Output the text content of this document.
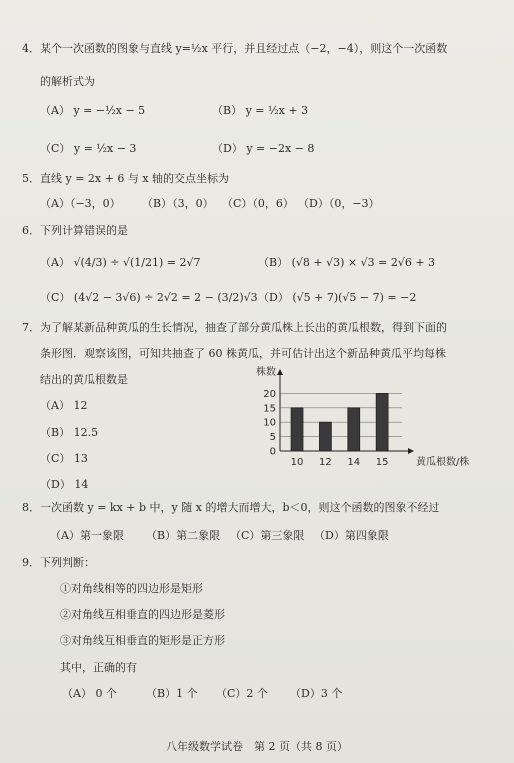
4．某个一次函数的图象与直线 y=½x 平行，并且经过点（−2，−4），则这个一次函数
的解析式为
（A） y = −½x − 5	（B） y = ½x + 3
（C） y = ½x − 3	（D） y = −2x − 8
5．直线 y = 2x + 6 与 x 轴的交点坐标为
（A）（−3，0） （B）（3，0） （C）（0，6） （D）（0，−3）
6．下列计算错误的是
（A） √(4/3) ÷ √(1/21) = 2√7	（B） (√8 + √3) × √3 = 2√6 + 3
（C） (4√2 − 3√6) ÷ 2√2 = 2 − (3/2)√3 （D） (√5 + 7)(√5 − 7) = −2
7．为了解某新品种黄瓜的生长情况，抽查了部分黄瓜株上长出的黄瓜根数，得到下面的
条形图．观察该图，可知共抽查了 60 株黄瓜，并可估计出这个新品种黄瓜平均每株
结出的黄瓜根数是
（A） 12
（B） 12.5
（C） 13
（D） 14
0
5
10
15
20
10 12 14 15
株数
黄瓜根数/株
8．一次函数 y = kx + b 中，y 随 x 的增大而增大，b＜0，则这个函数的图象不经过
（A）第一象限 （B）第二象限 （C）第三象限 （D）第四象限
9．下列判断：
①对角线相等的四边形是矩形
②对角线互相垂直的四边形是菱形
③对角线互相垂直的矩形是正方形
其中，正确的有
（A） 0 个	（B）1 个 （C）2 个 （D）3 个
八年级数学试卷　第 2 页（共 8 页）
